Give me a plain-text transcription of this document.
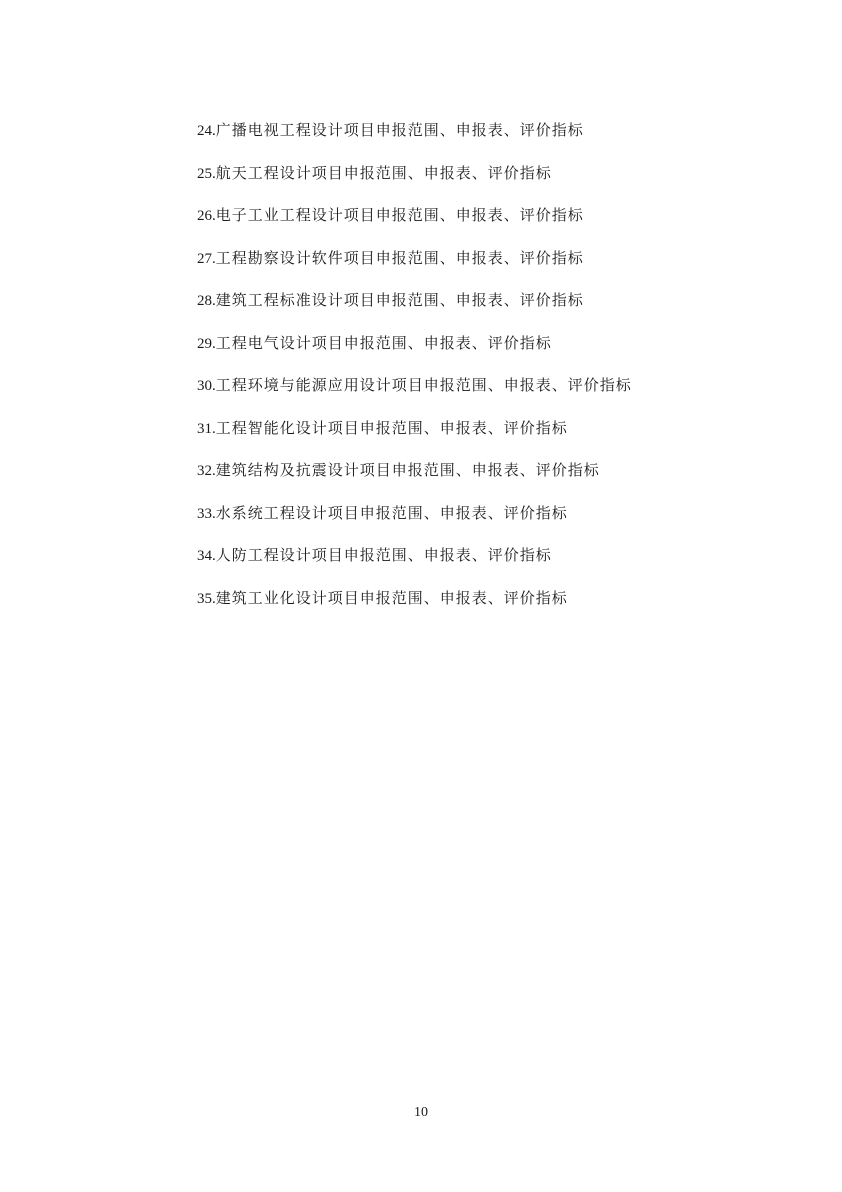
24.广播电视工程设计项目申报范围、申报表、评价指标
25.航天工程设计项目申报范围、申报表、评价指标
26.电子工业工程设计项目申报范围、申报表、评价指标
27.工程勘察设计软件项目申报范围、申报表、评价指标
28.建筑工程标准设计项目申报范围、申报表、评价指标
29.工程电气设计项目申报范围、申报表、评价指标
30.工程环境与能源应用设计项目申报范围、申报表、评价指标
31.工程智能化设计项目申报范围、申报表、评价指标
32.建筑结构及抗震设计项目申报范围、申报表、评价指标
33.水系统工程设计项目申报范围、申报表、评价指标
34.人防工程设计项目申报范围、申报表、评价指标
35.建筑工业化设计项目申报范围、申报表、评价指标
10
